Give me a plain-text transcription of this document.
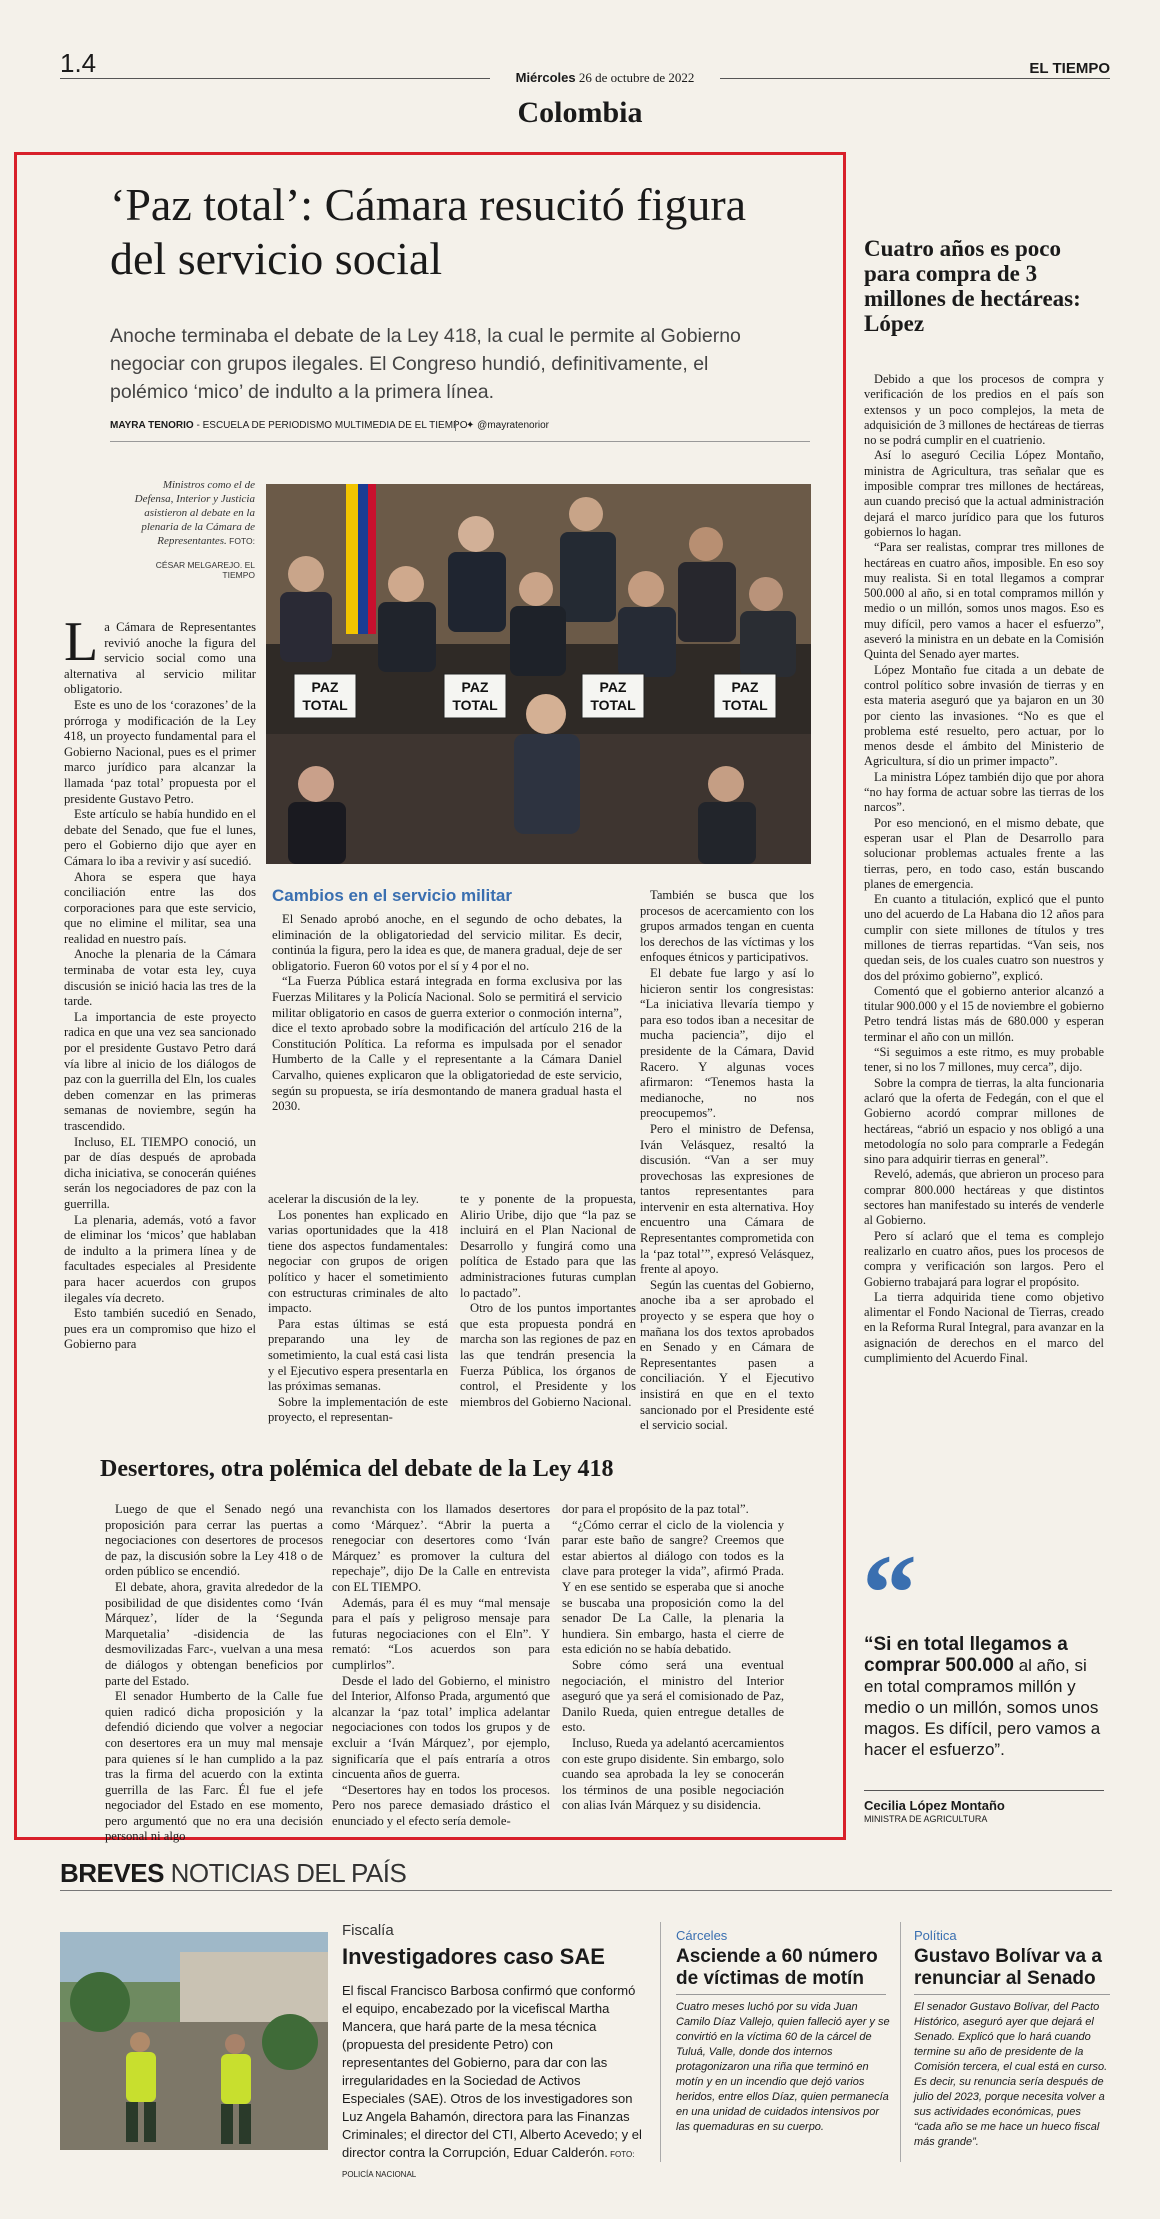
1.4	Miércoles 26 de octubre de 2022
EL TIEMPO
Colombia
‘Paz total’: Cámara resucitó figura del servicio social
Anoche terminaba el debate de la Ley 418, la cual le permite al Gobierno negociar con grupos ilegales. El Congreso hundió, definitivamente, el polémico ‘mico’ de indulto a la primera línea.
MAYRA TENORIO - ESCUELA DE PERIODISMO MULTIMEDIA DE EL TIEMPO
✦ @mayratenorior
Ministros como el de Defensa, Interior y Justicia asistieron al debate en la plenaria de la Cámara de Representantes. FOTO:
CÉSAR MELGAREJO. EL TIEMPO
PAZ
TOTAL
PAZ
TOTAL
PAZ
TOTAL
PAZ
TOTAL
L a Cámara de Representantes revivió anoche la figura del servicio social como una alternativa al servicio militar obligatorio.

Este es uno de los ‘corazones’ de la prórroga y modificación de la Ley 418, un proyecto fundamental para el Gobierno Nacional, pues es el primer marco jurídico para alcanzar la llamada ‘paz total’ propuesta por el presidente Gustavo Petro.

Este artículo se había hundido en el debate del Senado, que fue el lunes, pero el Gobierno dijo que ayer en Cámara lo iba a revivir y así sucedió.

Ahora se espera que haya conciliación entre las dos corporaciones para que este servicio, que no elimine el militar, sea una realidad en nuestro país.

Anoche la plenaria de la Cámara terminaba de votar esta ley, cuya discusión se inició hacia las tres de la tarde.

La importancia de este proyecto radica en que una vez sea sancionado por el presidente Gustavo Petro dará vía libre al inicio de los diálogos de paz con la guerrilla del Eln, los cuales deben comenzar en las primeras semanas de noviembre, según ha trascendido.

Incluso, EL TIEMPO conoció, un par de días después de aprobada dicha iniciativa, se conocerán quiénes serán los negociadores de paz con la guerrilla.

La plenaria, además, votó a favor de eliminar los ‘micos’ que hablaban de indulto a la primera línea y de facultades especiales al Presidente para hacer acuerdos con grupos ilegales vía decreto.

Esto también sucedió en Senado, pues era un compromiso que hizo el Gobierno para

Cambios en el servicio militar

El Senado aprobó anoche, en el segundo de ocho debates, la eliminación de la obligatoriedad del servicio militar. Es decir, continúa la figura, pero la idea es que, de manera gradual, deje de ser obligatorio. Fueron 60 votos por el sí y 4 por el no.

“La Fuerza Pública estará integrada en forma exclusiva por las Fuerzas Militares y la Policía Nacional. Solo se permitirá el servicio militar obligatorio en casos de guerra exterior o conmoción interna”, dice el texto aprobado sobre la modificación del artículo 216 de la Constitución Política. La reforma es impulsada por el senador Humberto de la Calle y el representante a la Cámara Daniel Carvalho, quienes explicaron que la obligatoriedad de este servicio, según su propuesta, se iría desmontando de manera gradual hasta el 2030.

También se busca que los procesos de acercamiento con los grupos armados tengan en cuenta los derechos de las víctimas y los enfoques étnicos y participativos.

El debate fue largo y así lo hicieron sentir los congresistas: “La iniciativa llevaría tiempo y para eso todos iban a necesitar de mucha paciencia”, dijo el presidente de la Cámara, David Racero. Y algunas voces afirmaron: “Tenemos hasta la medianoche, no nos preocupemos”.

Pero el ministro de Defensa, Iván Velásquez, resaltó la discusión. “Van a ser muy provechosas las expresiones de tantos representantes para intervenir en esta alternativa. Hoy encuentro una Cámara de Representantes comprometida con la ‘paz total’”, expresó Velásquez, frente al apoyo.

Según las cuentas del Gobierno, anoche iba a ser aprobado el proyecto y se espera que hoy o mañana los dos textos aprobados en Senado y en Cámara de Representantes pasen a conciliación. Y el Ejecutivo insistirá en que en el texto sancionado por el Presidente esté el servicio social.

acelerar la discusión de la ley.

Los ponentes han explicado en varias oportunidades que la 418 tiene dos aspectos fundamentales: negociar con grupos de origen político y hacer el sometimiento con estructuras criminales de alto impacto.

Para estas últimas se está preparando una ley de sometimiento, la cual está casi lista y el Ejecutivo espera presentarla en las próximas semanas.

Sobre la implementación de este proyecto, el representan-

te y ponente de la propuesta, Alirio Uribe, dijo que “la paz se incluirá en el Plan Nacional de Desarrollo y fungirá como una política de Estado para que las administraciones futuras cumplan lo pactado”.

Otro de los puntos importantes que esta propuesta pondrá en marcha son las regiones de paz en las que tendrán presencia la Fuerza Pública, los órganos de control, el Presidente y los miembros del Gobierno Nacional.

Desertores, otra polémica del debate de la Ley 418

Luego de que el Senado negó una proposición para cerrar las puertas a negociaciones con desertores de procesos de paz, la discusión sobre la Ley 418 o de orden público se encendió.

El debate, ahora, gravita alrededor de la posibilidad de que disidentes como ‘Iván Márquez’, líder de la ‘Segunda Marquetalia’ -disidencia de las desmovilizadas Farc-, vuelvan a una mesa de diálogos y obtengan beneficios por parte del Estado.

El senador Humberto de la Calle fue quien radicó dicha proposición y la defendió diciendo que volver a negociar con desertores era un muy mal mensaje para quienes sí le han cumplido a la paz tras la firma del acuerdo con la extinta guerrilla de las Farc. Él fue el jefe negociador del Estado en ese momento, pero argumentó que no era una decisión personal ni algo

revanchista con los llamados desertores como ‘Márquez’. “Abrir la puerta a renegociar con desertores como ‘Iván Márquez’ es promover la cultura del repechaje”, dijo De la Calle en entrevista con EL TIEMPO.

Además, para él es muy “mal mensaje para el país y peligroso mensaje para futuras negociaciones con el Eln”. Y remató: “Los acuerdos son para cumplirlos”.

Desde el lado del Gobierno, el ministro del Interior, Alfonso Prada, argumentó que alcanzar la ‘paz total’ implica adelantar negociaciones con todos los grupos y de excluir a ‘Iván Márquez’, por ejemplo, significaría que el país entraría a otros cincuenta años de guerra.

“Desertores hay en todos los procesos. Pero nos parece demasiado drástico el enunciado y el efecto sería demole-

dor para el propósito de la paz total”.

“¿Cómo cerrar el ciclo de la violencia y parar este baño de sangre? Creemos que estar abiertos al diálogo con todos es la clave para proteger la vida”, afirmó Prada. Y en ese sentido se esperaba que si anoche se buscaba una proposición como la del senador De La Calle, la plenaria la hundiera. Sin embargo, hasta el cierre de esta edición no se había debatido.

Sobre cómo será una eventual negociación, el ministro del Interior aseguró que ya será el comisionado de Paz, Danilo Rueda, quien entregue detalles de esto.

Incluso, Rueda ya adelantó acercamientos con este grupo disidente. Sin embargo, solo cuando sea aprobada la ley se conocerán los términos de una posible negociación con alias Iván Márquez y su disidencia.

Cuatro años es poco para compra de 3 millones de hectáreas: López

Debido a que los procesos de compra y verificación de los predios en el país son extensos y un poco complejos, la meta de adquisición de 3 millones de hectáreas de tierras no se podrá cumplir en el cuatrienio.

Así lo aseguró Cecilia López Montaño, ministra de Agricultura, tras señalar que es imposible comprar tres millones de hectáreas, aun cuando precisó que la actual administración dejará el marco jurídico para que los futuros gobiernos lo hagan.

“Para ser realistas, comprar tres millones de hectáreas en cuatro años, imposible. En eso soy muy realista. Si en total llegamos a comprar 500.000 al año, si en total compramos millón y medio o un millón, somos unos magos. Eso es muy difícil, pero vamos a hacer el esfuerzo”, aseveró la ministra en un debate en la Comisión Quinta del Senado ayer martes.

López Montaño fue citada a un debate de control político sobre invasión de tierras y en esta materia aseguró que ya bajaron en un 30 por ciento las invasiones. “No es que el problema esté resuelto, pero actuar, por lo menos desde el ámbito del Ministerio de Agricultura, sí dio un primer impacto”.

La ministra López también dijo que por ahora “no hay forma de actuar sobre las tierras de los narcos”.

Por eso mencionó, en el mismo debate, que esperan usar el Plan de Desarrollo para solucionar problemas actuales frente a las tierras, pero, en todo caso, están buscando planes de emergencia.

En cuanto a titulación, explicó que el punto uno del acuerdo de La Habana dio 12 años para cumplir con siete millones de títulos y tres millones de tierras repartidas. “Van seis, nos quedan seis, de los cuales cuatro son nuestros y dos del próximo gobierno”, explicó.

Comentó que el gobierno anterior alcanzó a titular 900.000 y el 15 de noviembre el gobierno Petro tendrá listas más de 680.000 y esperan terminar el año con un millón.

“Si seguimos a este ritmo, es muy probable tener, si no los 7 millones, muy cerca”, dijo.

Sobre la compra de tierras, la alta funcionaria aclaró que la oferta de Fedegán, con el que el Gobierno acordó comprar millones de hectáreas, “abrió un espacio y nos obligó a una metodología no solo para comprarle a Fedegán sino para adquirir tierras en general”.

Reveló, además, que abrieron un proceso para comprar 800.000 hectáreas y que distintos sectores han manifestado su interés de venderle al Gobierno.

Pero sí aclaró que el tema es complejo realizarlo en cuatro años, pues los procesos de compra y verificación son largos. Pero el Gobierno trabajará para lograr el propósito.

La tierra adquirida tiene como objetivo alimentar el Fondo Nacional de Tierras, creado en la Reforma Rural Integral, para avanzar en la asignación de derechos en el marco del cumplimiento del Acuerdo Final.

“
“Si en total llegamos a comprar 500.000 al año, si en total compramos millón y medio o un millón, somos unos magos. Es difícil, pero vamos a hacer el esfuerzo”.
Cecilia López Montaño
MINISTRA DE AGRICULTURA
BREVES NOTICIAS DEL PAÍS
Fiscalía
Investigadores caso SAE
El fiscal Francisco Barbosa confirmó que conformó el equipo, encabezado por la vicefiscal Martha Mancera, que hará parte de la mesa técnica (propuesta del presidente Petro) con representantes del Gobierno, para dar con las irregularidades en la Sociedad de Activos Especiales (SAE). Otros de los investigadores son Luz Angela Bahamón, directora para las Finanzas Criminales; el director del CTI, Alberto Acevedo; y el director contra la Corrupción, Eduar Calderón. FOTO: POLICÍA NACIONAL
Cárceles
Asciende a 60 número de víctimas de motín
Cuatro meses luchó por su vida Juan Camilo Díaz Vallejo, quien falleció ayer y se convirtió en la víctima 60 de la cárcel de Tuluá, Valle, donde dos internos protagonizaron una riña que terminó en motín y en un incendio que dejó varios heridos, entre ellos Díaz, quien permanecía en una unidad de cuidados intensivos por las quemaduras en su cuerpo.
Política
Gustavo Bolívar va a renunciar al Senado
El senador Gustavo Bolívar, del Pacto Histórico, aseguró ayer que dejará el Senado. Explicó que lo hará cuando termine su año de presidente de la Comisión tercera, el cual está en curso. Es decir, su renuncia sería después de julio del 2023, porque necesita volver a sus actividades económicas, pues “cada año se me hace un hueco fiscal más grande”.
